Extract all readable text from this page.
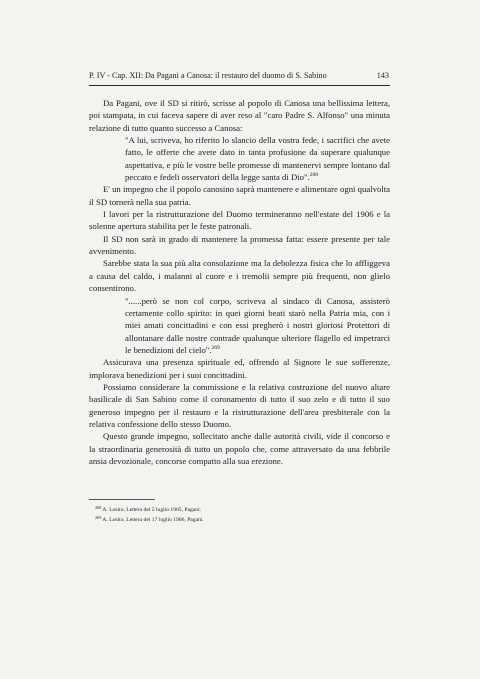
P. IV - Cap. XII: Da Pagani a Canosa: il restauro del duomo di S. Sabino	143

Da Pagani, ove il SD si ritirò, scrisse al popolo di Canosa una bellissima lettera, poi stampata, in cui faceva sapere di aver reso al "caro Padre S. Alfonso" una minuta relazione di tutto quanto successo a Canosa:

"A lui, scriveva, ho riferito lo slancio della vostra fede, i sacrifici che avete fatto, le offerte che avete dato in tanta profusione da superare qualunque aspettativa, e più le vostre belle promesse di mantenervi sempre lontano dal peccato e fedeli osservatori della legge santa di Dio".$^{268}$

E' un impegno che il popolo canosino saprà mantenere e alimentare ogni qualvolta il SD tornerà nella sua patria.

I lavori per la ristrutturazione del Duomo termineranno nell'estate del 1906 e la solenne apertura stabilita per le feste patronali.

Il SD non sarà in grado di mantenere la promessa fatta: essere presente per tale avvenimento.

Sarebbe stata la sua più alta consolazione ma la debolezza fisica che lo affliggeva a causa del caldo, i malanni al cuore e i tremolii sempre più frequenti, non glielo consentirono.

"......però se non col corpo, scriveva al sindaco di Canosa, assisterò certamente collo spirito: in quei giorni beati starò nella Patria mia, con i miei amati concittadini e con essi pregherò i nostri gloriosi Protettori di allontanare dalle nostre contrade qualunque ulteriore flagello ed impetrarci le benedizioni del cielo".$^{269}$

Assicurava una presenza spirituale ed, offrendo al Signore le sue sofferenze, implorava benedizioni per i suoi concittadini.

Possiamo considerare la commissione e la relativa costruzione del nuovo altare basilicale di San Sabino come il coronamento di tutto il suo zelo e di tutto il suo generoso impegno per il restauro e la ristrutturazione dell'area presbiterale con la relativa confessione dello stesso Duomo.

Questo grande impegno, sollecitato anche dalle autorità civili, vide il concorso e la straordinaria generosità di tutto un popolo che, come attraversato da una febbrile ansia devozionale, concorse compatto alla sua erezione.

$^{268}$ A. Losito, Lettera del 5 luglio 1905, Pagani.
$^{269}$ A. Losito, Lettera del 17 luglio 1906, Pagani.
